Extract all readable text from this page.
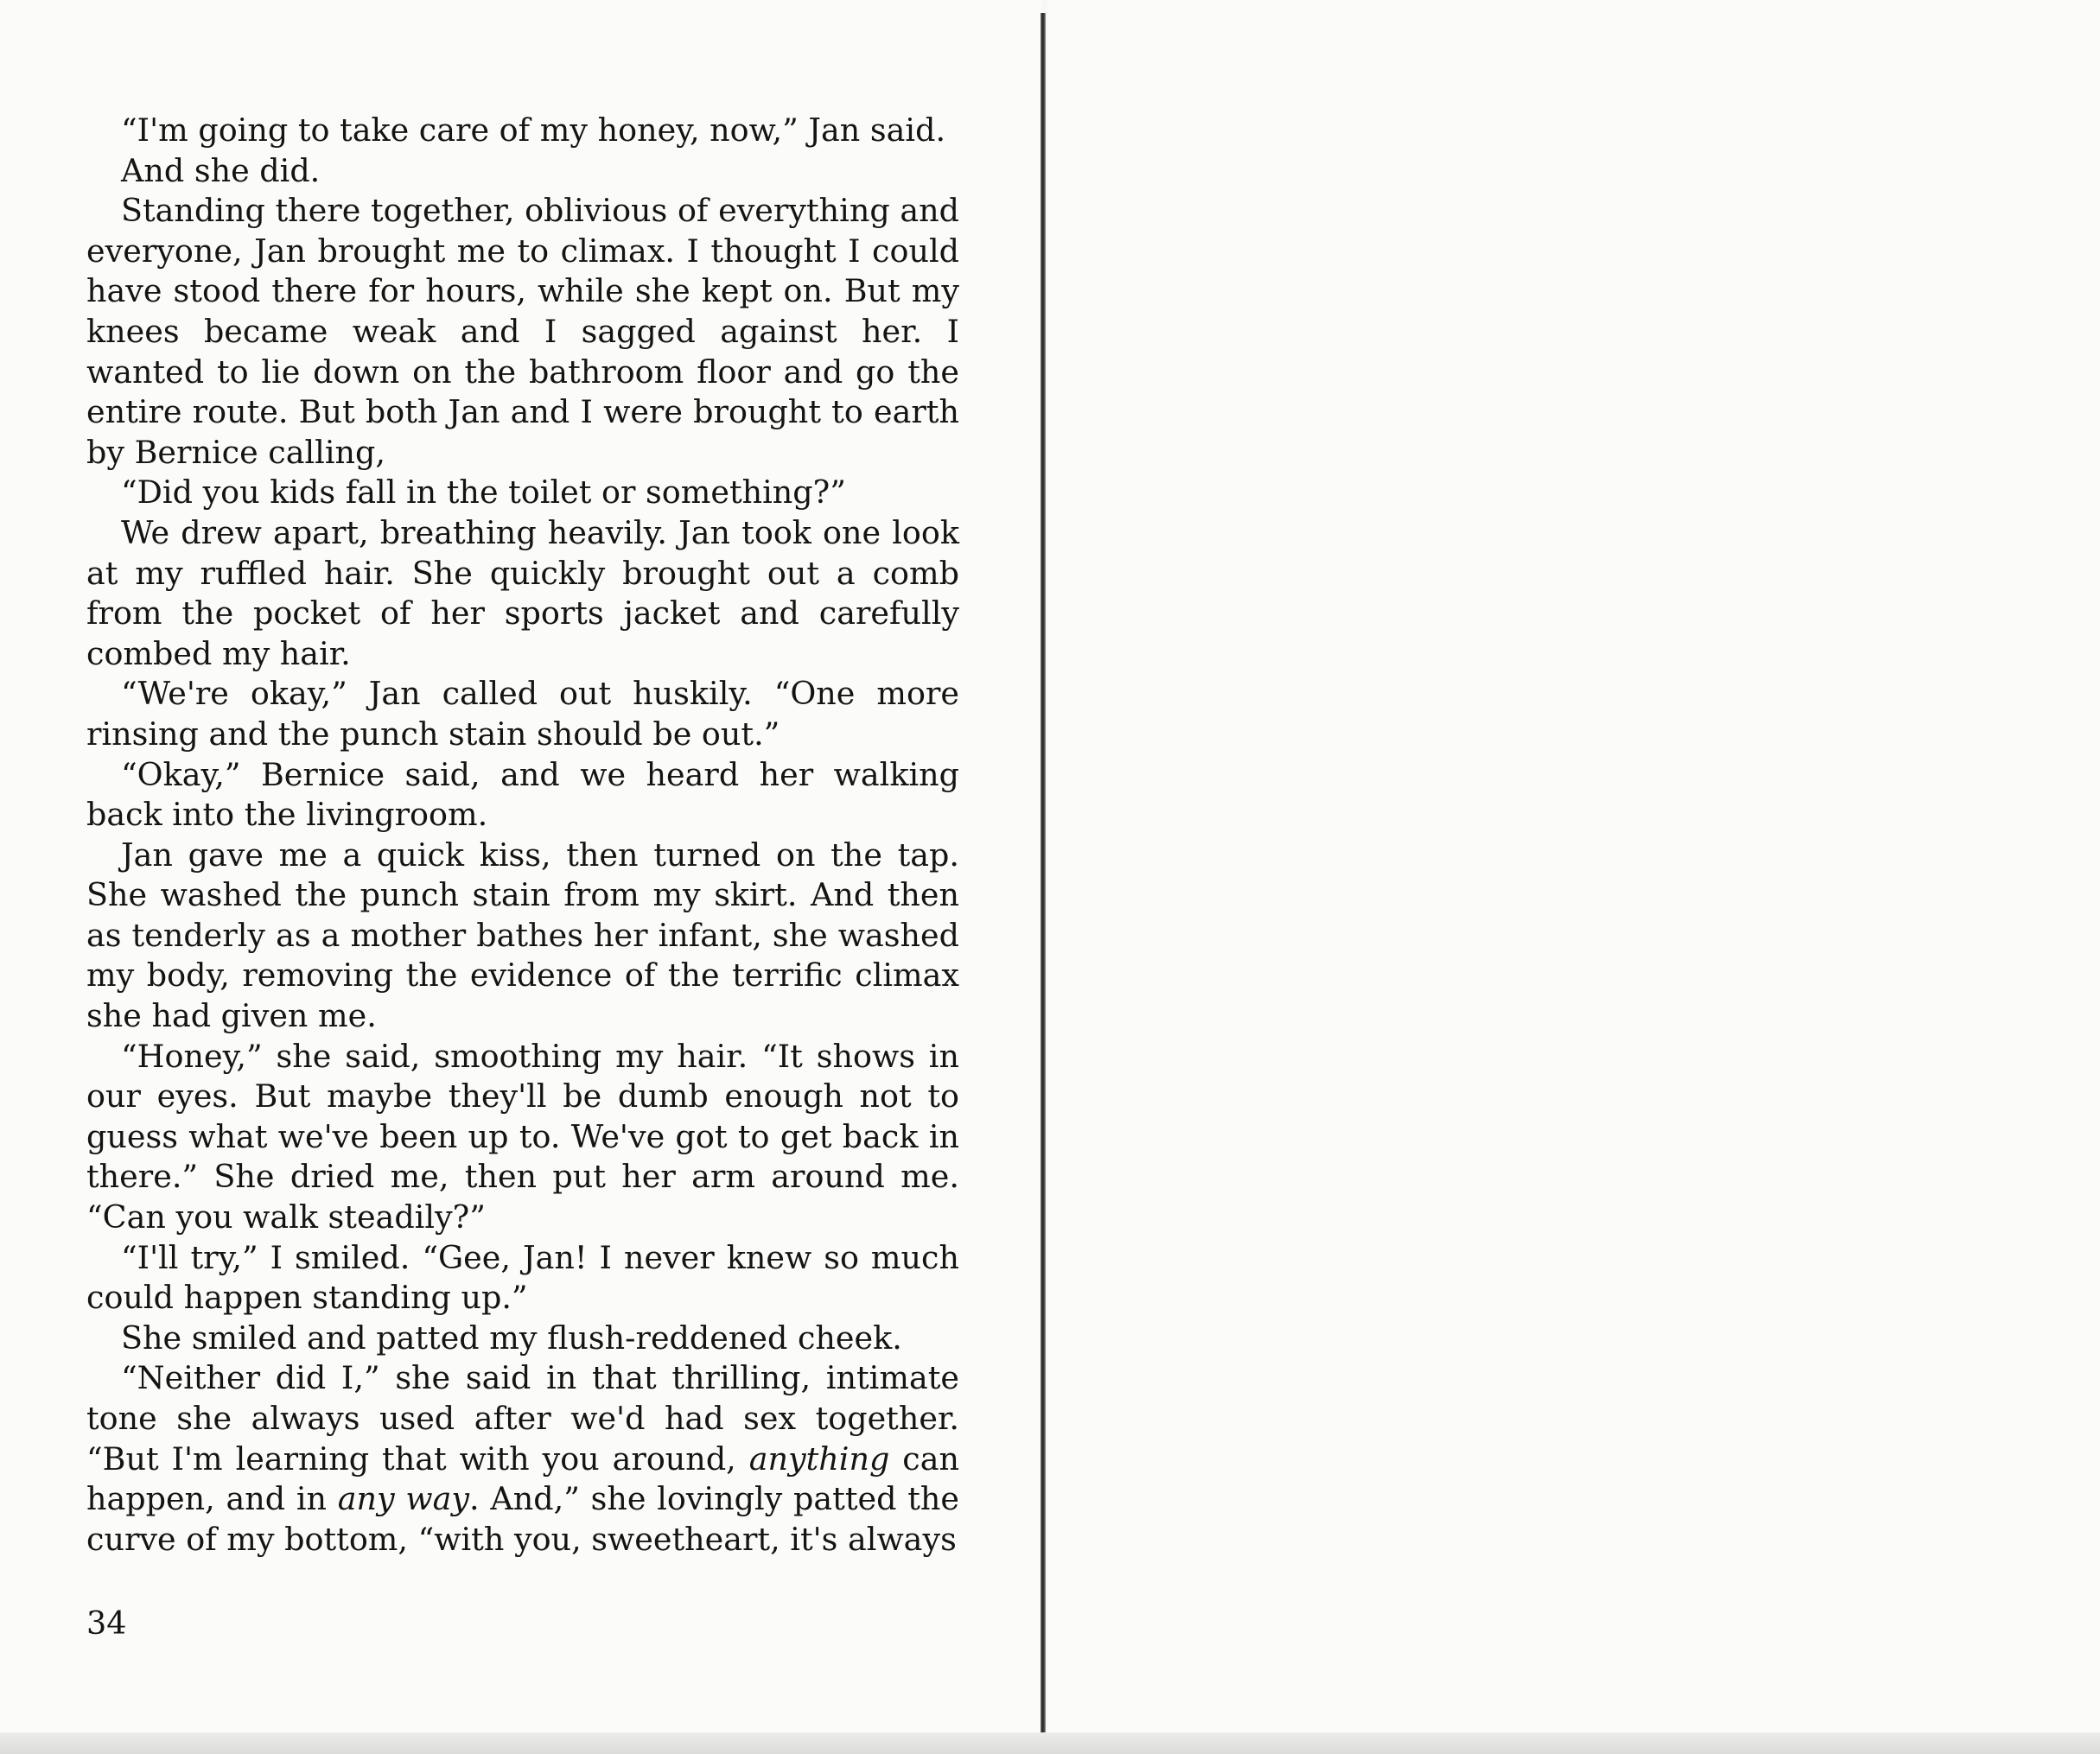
“I'm going to take care of my honey, now,” Jan said.

And she did.

Standing there together, oblivious of everything and everyone, Jan brought me to climax. I thought I could have stood there for hours, while she kept on. But my knees became weak and I sagged against her. I wanted to lie down on the bathroom floor and go the entire route. But both Jan and I were brought to earth by Bernice calling,

“Did you kids fall in the toilet or something?”

We drew apart, breathing heavily. Jan took one look at my ruffled hair. She quickly brought out a comb from the pocket of her sports jacket and carefully combed my hair.

“We're okay,” Jan called out huskily. “One more rinsing and the punch stain should be out.”

“Okay,” Bernice said, and we heard her walking back into the livingroom.

Jan gave me a quick kiss, then turned on the tap. She washed the punch stain from my skirt. And then as tenderly as a mother bathes her infant, she washed my body, removing the evidence of the terrific climax she had given me.

“Honey,” she said, smoothing my hair. “It shows in our eyes. But maybe they'll be dumb enough not to guess what we've been up to. We've got to get back in there.” She dried me, then put her arm around me. “Can you walk steadily?”

“I'll try,” I smiled. “Gee, Jan! I never knew so much could happen standing up.”

She smiled and patted my flush-reddened cheek.

“Neither did I,” she said in that thrilling, intimate tone she always used after we'd had sex together. “But I'm learning that with you around, anything can happen, and in any way. And,” she lovingly patted the curve of my bottom, “with you, sweetheart, it's always

34
